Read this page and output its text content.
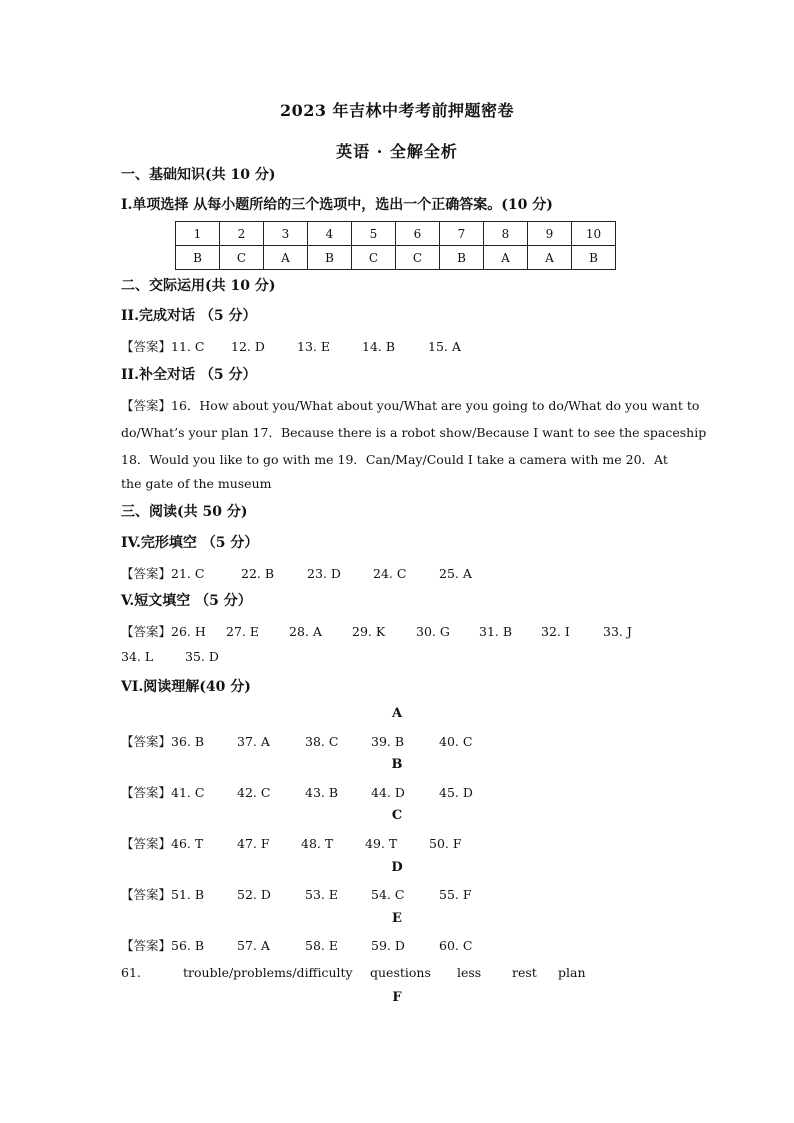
2023 年吉林中考考前押题密卷
英语 · 全解全析
一、基础知识(共 10 分)
I.单项选择 从每小题所给的三个选项中，选出一个正确答案。(10 分)
1	2	3	4	5	6	7	8	9	10
B	C	A	B	C	C	B	A	A	B
二、交际运用(共 10 分)
II.完成对话 （5 分）
【答案】11. C 12. D	13. E	14. B	15. A
II.补全对话 （5 分）
【答案】16．How about you/What about you/What are you going to do/What do you want to
do/What’s your plan 17．Because there is a robot show/Because I want to see the spaceship
18．Would you like to go with me 19．Can/May/Could I take a camera with me 20．At
the gate of the museum
三、阅读(共 50 分)
IV.完形填空 （5 分）
【答案】21. C	22. B	23. D	24. C	25. A
V.短文填空 （5 分）
【答案】26. H 27. E 28. A 29. K 30. G 31. B 32. I	33. J
34. L	35. D
VI.阅读理解(40 分)
A
【答案】36. B	37. A	38. C	39. B	40. C
B
【答案】41. C	42. C	43. B	44. D	45. D
C
【答案】46. T	47. F	48. T	49. T	50. F
D
【答案】51. B	52. D	53. E	54. C	55. F
E
【答案】56. B	57. A	58. E	59. D	60. C
61.	trouble/problems/difficulty questions less rest plan
F
